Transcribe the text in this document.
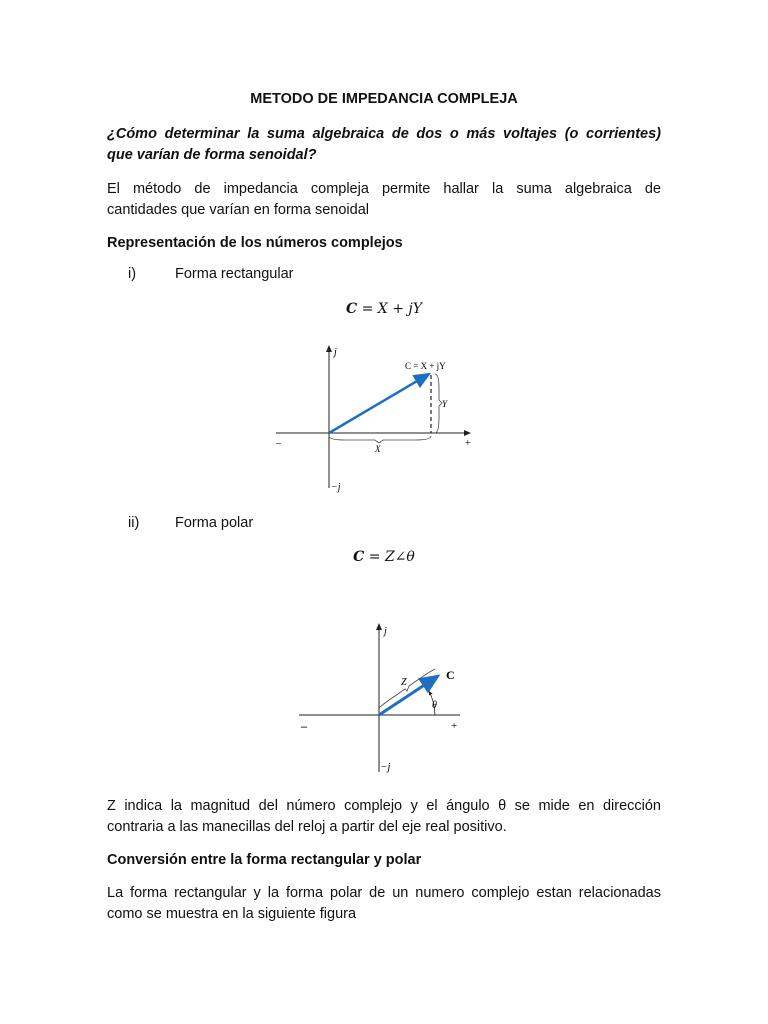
METODO DE IMPEDANCIA COMPLEJA
¿Cómo determinar la suma algebraica de dos o más voltajes (o corrientes)
que varían de forma senoidal?
El método de impedancia compleja permite hallar la suma algebraica de
cantidades que varían en forma senoidal
Representación de los números complejos
i)	Forma rectangular
C = X + jY
j
−j
–	+
Y
X
C = X + jY
ii) Forma polar
C = Z∠θ
j
−j
–	+
Z
C
θ
Z indica la magnitud del número complejo y el ángulo θ se mide en dirección
contraria a las manecillas del reloj a partir del eje real positivo.
Conversión entre la forma rectangular y polar
La forma rectangular y la forma polar de un numero complejo estan relacionadas
como se muestra en la siguiente figura
